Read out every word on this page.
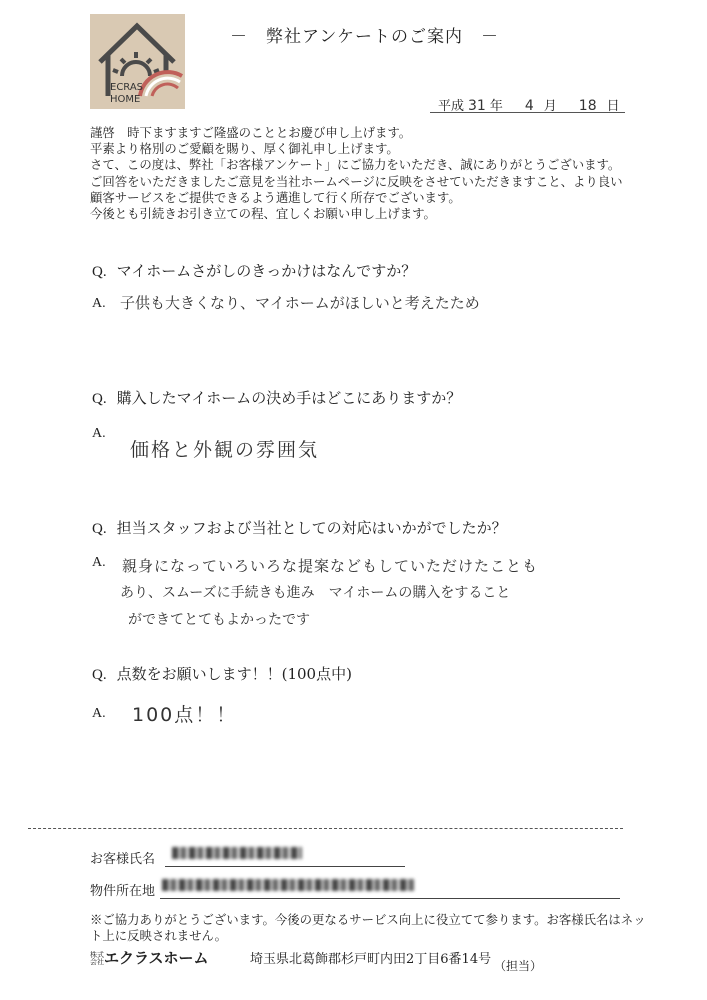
－　弊社アンケートのご案内　－
ECRAS
HOME	平成 31 年 4 月 18 日
謹啓　時下ますますご隆盛のこととお慶び申し上げます。
平素より格別のご愛顧を賜り、厚く御礼申し上げます。
さて、この度は、弊社「お客様アンケート」にご協力をいただき、誠にありがとうございます。
ご回答をいただきましたご意見を当社ホームページに反映をさせていただきますこと、より良い
顧客サービスをご提供できるよう邁進して行く所存でございます。
今後とも引続きお引き立ての程、宜しくお願い申し上げます。
Q. マイホームさがしのきっかけはなんですか？
A. 子供も大きくなり、マイホームがほしいと考えたため
Q. 購入したマイホームの決め手はどこにありますか？
A.
価格と外観の雰囲気
Q. 担当スタッフおよび当社としての対応はいかがでしたか？
A. 親身になっていろいろな提案などもしていただけたことも
あり、スムーズに手続きも進み　マイホームの購入をすること
ができてとてもよかったです
Q. 点数をお願いします！！(100点中)
A. 100点！！
お客様氏名
物件所在地
※ご協力ありがとうございます。今後の更なるサービス向上に役立てて参ります。お客様氏名はネット上に反映されません。
株式会社エクラスホーム	埼玉県北葛飾郡杉戸町内田2丁目6番14号 （担当）
